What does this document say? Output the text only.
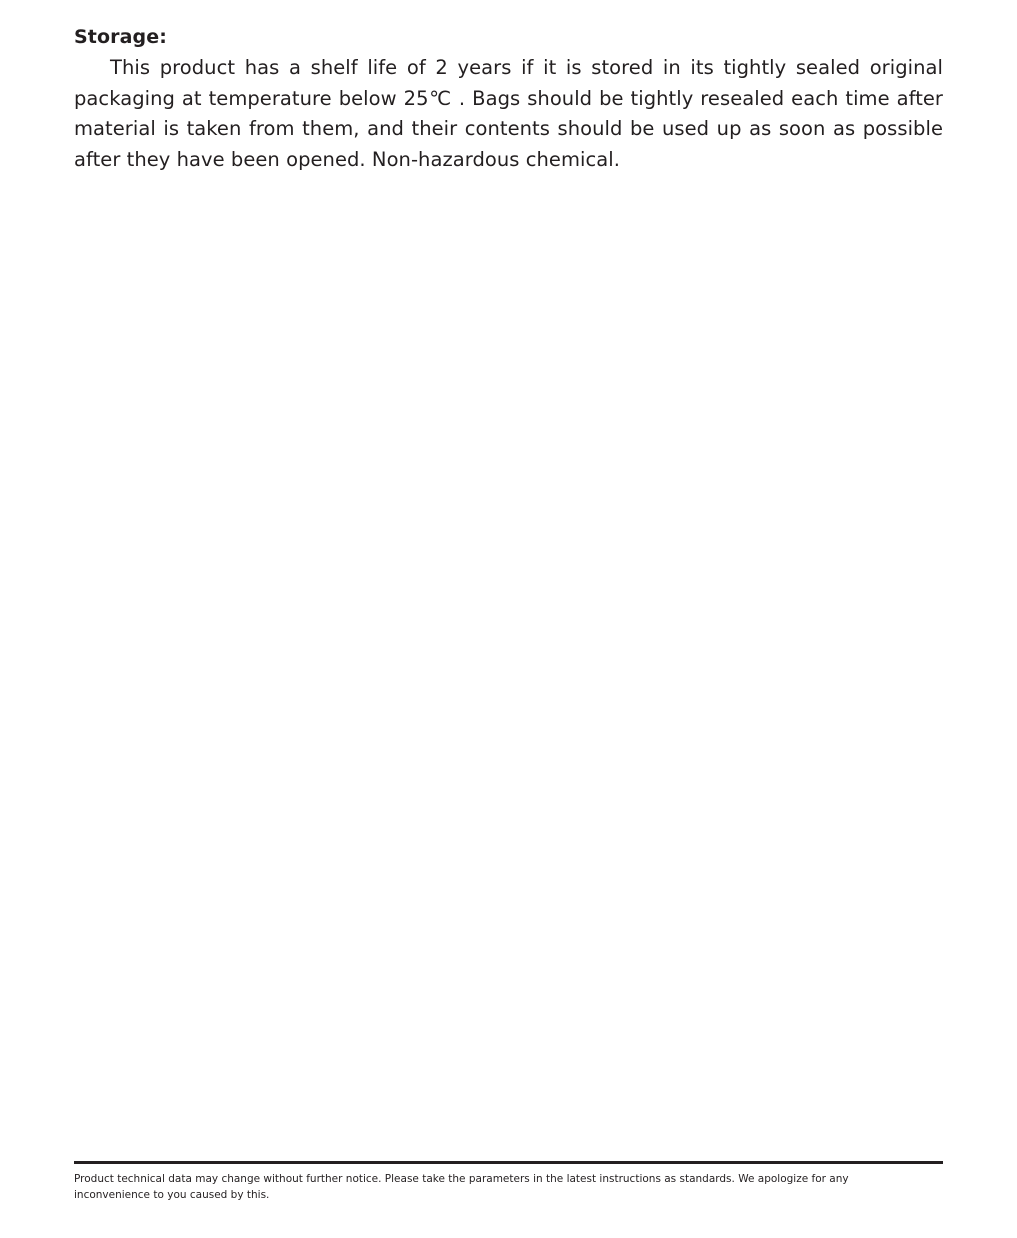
Storage:

This product has a shelf life of 2 years if it is stored in its tightly sealed original packaging at temperature below 25℃ . Bags should be tightly resealed each time after material is taken from them, and their contents should be used up as soon as possible after they have been opened. Non-hazardous chemical.

Product technical data may change without further notice. Please take the parameters in the latest instructions as standards. We apologize for any
inconvenience to you caused by this.
